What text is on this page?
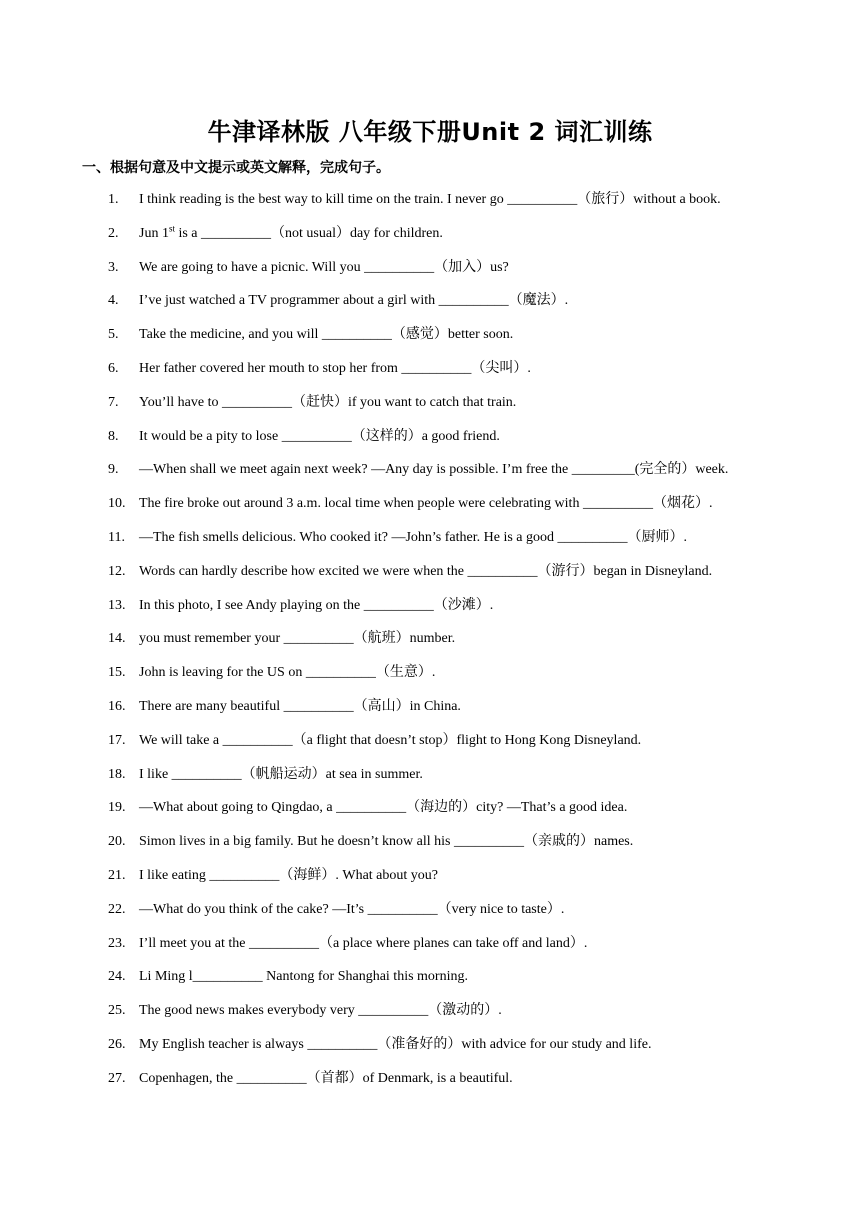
牛津译林版 八年级下册Unit 2 词汇训练
一、根据句意及中文提示或英文解释，完成句子。
1.	I think reading is the best way to kill time on the train. I never go __________（旅行）without a book.
2.	Jun 1st is a __________（not usual）day for children.
3.	We are going to have a picnic. Will you __________（加入）us?
4.	I’ve just watched a TV programmer about a girl with __________（魔法）.
5.	Take the medicine, and you will __________（感觉）better soon.
6.	Her father covered her mouth to stop her from __________（尖叫）.
7.	You’ll have to __________（赶快）if you want to catch that train.
8.	It would be a pity to lose __________（这样的）a good friend.
9.	—When shall we meet again next week? —Any day is possible. I’m free the _________(完全的）week.
10. The fire broke out around 3 a.m. local time when people were celebrating with __________（烟花）.
11.	—The fish smells delicious. Who cooked it? —John’s father. He is a good __________（厨师）.
12. Words can hardly describe how excited we were when the __________（游行）began in Disneyland.
13. In this photo, I see Andy playing on the __________（沙滩）.
14. you must remember your __________（航班）number.
15. John is leaving for the US on __________（生意）.
16. There are many beautiful __________（高山）in China.
17. We will take a __________（a flight that doesn’t stop）flight to Hong Kong Disneyland.
18. I like __________（帆船运动）at sea in summer.
19. —What about going to Qingdao, a __________（海边的）city? —That’s a good idea.
20. Simon lives in a big family. But he doesn’t know all his __________（亲戚的）names.
21. I like eating __________（海鲜）. What about you?
22. —What do you think of the cake? —It’s __________（very nice to taste）.
23. I’ll meet you at the __________（a place where planes can take off and land）.
24. Li Ming l__________ Nantong for Shanghai this morning.
25. The good news makes everybody very __________（激动的）.
26. My English teacher is always __________（准备好的）with advice for our study and life.
27. Copenhagen, the __________（首都）of Denmark, is a beautiful.
